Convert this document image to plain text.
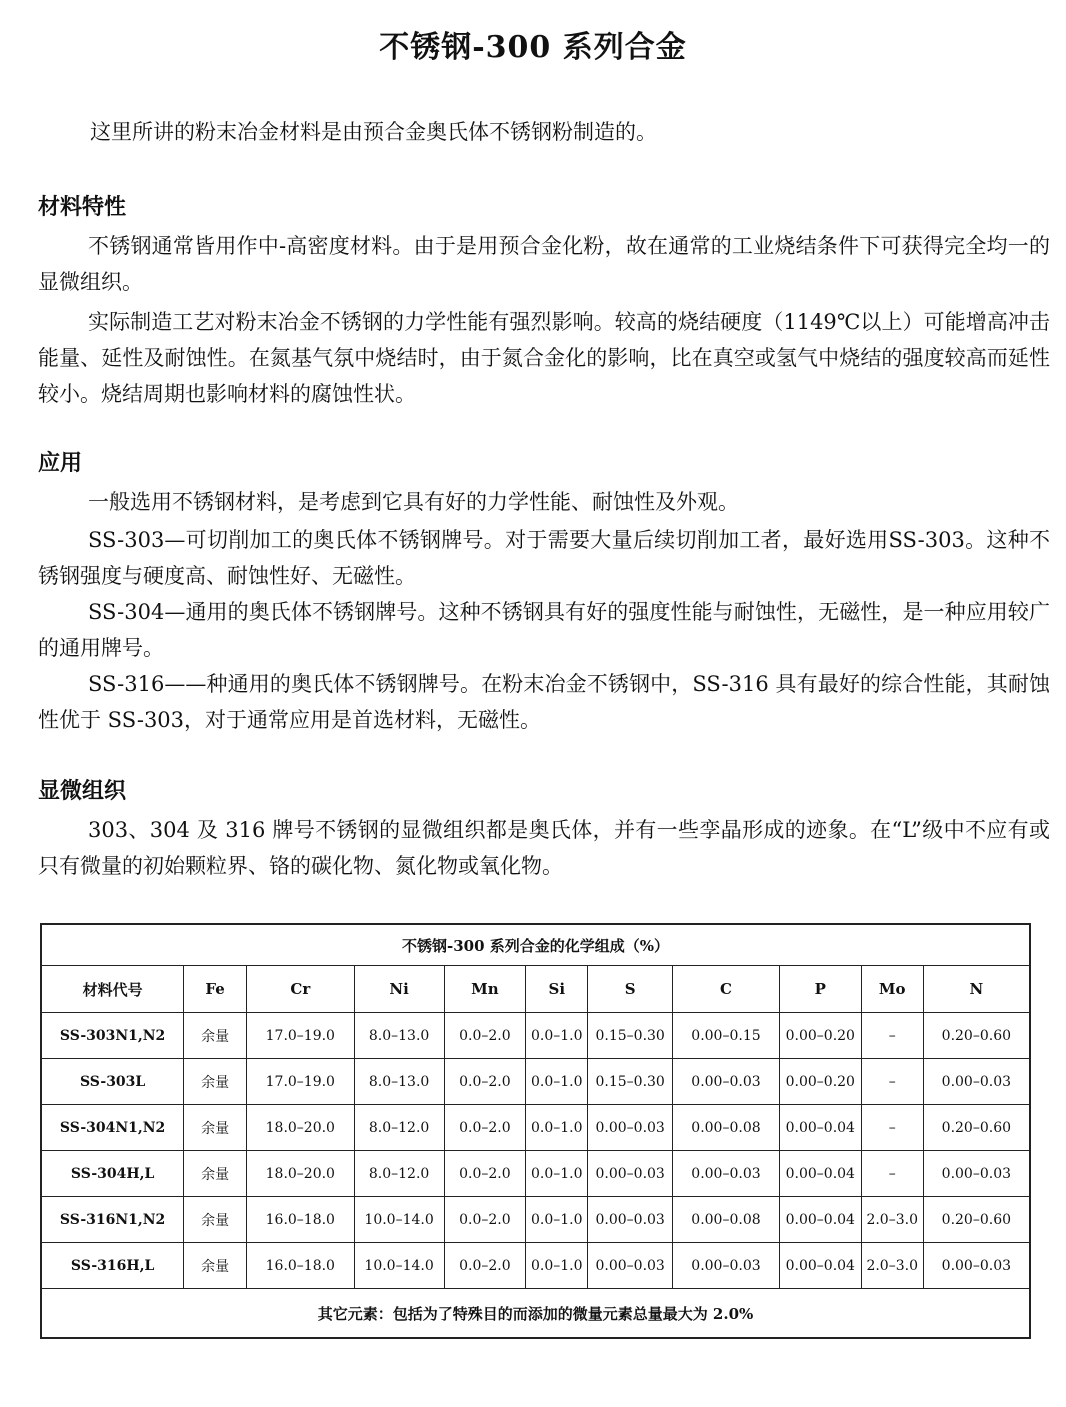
不锈钢-300 系列合金

这里所讲的粉末冶金材料是由预合金奥氏体不锈钢粉制造的。

材料特性

不锈钢通常皆用作中-高密度材料。由于是用预合金化粉，故在通常的工业烧结条件下可获得完全均一的显微组织。

实际制造工艺对粉末冶金不锈钢的力学性能有强烈影响。较高的烧结硬度（1149℃以上）可能增高冲击能量、延性及耐蚀性。在氮基气氛中烧结时，由于氮合金化的影响，比在真空或氢气中烧结的强度较高而延性较小。烧结周期也影响材料的腐蚀性状。

应用

一般选用不锈钢材料，是考虑到它具有好的力学性能、耐蚀性及外观。

SS-303—可切削加工的奥氏体不锈钢牌号。对于需要大量后续切削加工者，最好选用SS-303。这种不锈钢强度与硬度高、耐蚀性好、无磁性。

SS-304—通用的奥氏体不锈钢牌号。这种不锈钢具有好的强度性能与耐蚀性，无磁性，是一种应用较广的通用牌号。

SS-316——种通用的奥氏体不锈钢牌号。在粉末冶金不锈钢中，SS-316 具有最好的综合性能，其耐蚀性优于 SS-303，对于通常应用是首选材料，无磁性。

显微组织

303、304 及 316 牌号不锈钢的显微组织都是奥氏体，并有一些孪晶形成的迹象。在“L”级中不应有或只有微量的初始颗粒界、铬的碳化物、氮化物或氧化物。

不锈钢-300 系列合金的化学组成（%）										
材料代号	Fe	Cr	Ni	Mn	Si	S	C	P	Mo	N
SS-303N1,N2	余量	17.0–19.0	8.0–13.0	0.0–2.0	0.0–1.0	0.15–0.30	0.00–0.15	0.00–0.20	–	0.20–0.60
SS-303L	余量	17.0–19.0	8.0–13.0	0.0–2.0	0.0–1.0	0.15–0.30	0.00–0.03	0.00–0.20	–	0.00–0.03
SS-304N1,N2	余量	18.0–20.0	8.0–12.0	0.0–2.0	0.0–1.0	0.00–0.03	0.00–0.08	0.00–0.04	–	0.20–0.60
SS-304H,L	余量	18.0–20.0	8.0–12.0	0.0–2.0	0.0–1.0	0.00–0.03	0.00–0.03	0.00–0.04	–	0.00–0.03
SS-316N1,N2	余量	16.0–18.0	10.0–14.0	0.0–2.0	0.0–1.0	0.00–0.03	0.00–0.08	0.00–0.04	2.0–3.0	0.20–0.60
SS-316H,L	余量	16.0–18.0	10.0–14.0	0.0–2.0	0.0–1.0	0.00–0.03	0.00–0.03	0.00–0.04	2.0–3.0	0.00–0.03
其它元素：包括为了特殊目的而添加的微量元素总量最大为 2.0%										
